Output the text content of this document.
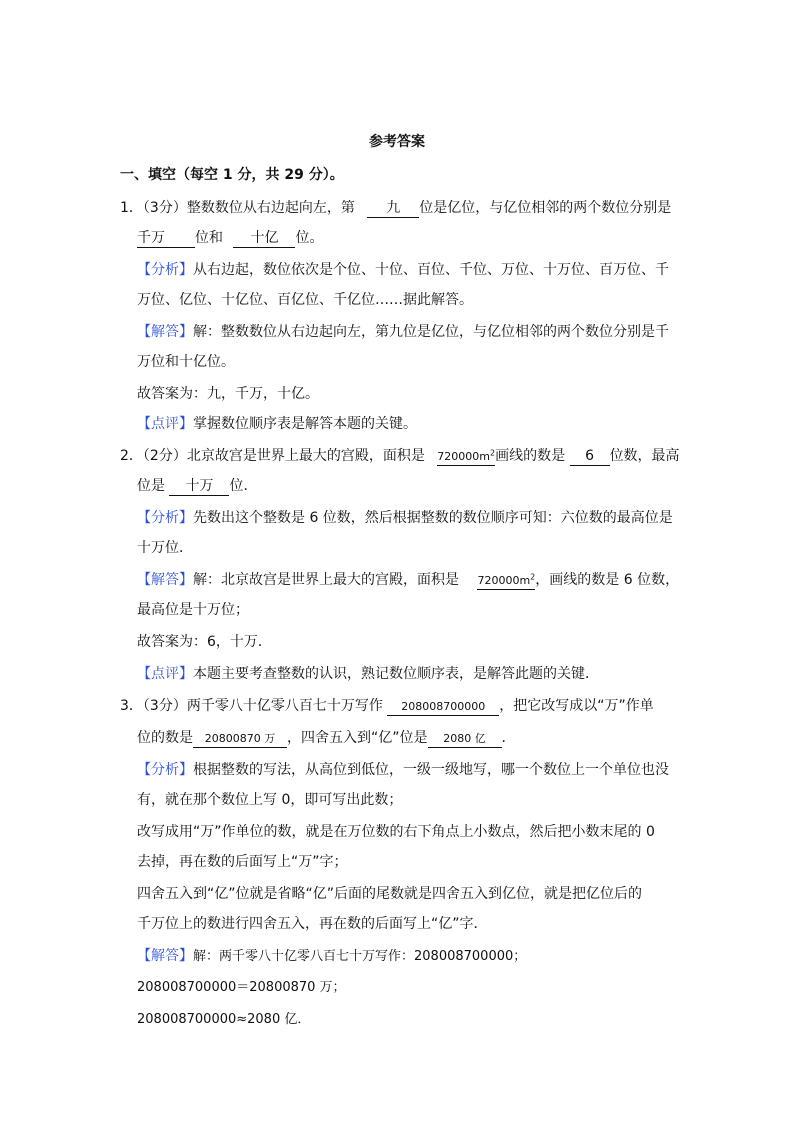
参考答案
一、填空（每空 1 分，共 29 分）。
1．（3分）整数数位从右边起向左，第 九 位是亿位，与亿位相邻的两个数位分别是
千万 位和 十亿 位。
【分析】从右边起，数位依次是个位、十位、百位、千位、万位、十万位、百万位、千
万位、亿位、十亿位、百亿位、千亿位……据此解答。
【解答】解：整数数位从右边起向左，第九位是亿位，与亿位相邻的两个数位分别是千
万位和十亿位。
故答案为：九，千万，十亿。
【点评】掌握数位顺序表是解答本题的关键。
2．（2分）北京故宫是世界上最大的宫殿，面积是 $720000m^2$画线的数是 6 位数，最高
位是 十万 位．
【分析】先数出这个整数是 6 位数，然后根据整数的数位顺序可知：六位数的最高位是
十万位．
【解答】解：北京故宫是世界上最大的宫殿，面积是 $720000m^2$，画线的数是 6 位数，
最高位是十万位；
故答案为：6，十万．
【点评】本题主要考查整数的认识，熟记数位顺序表，是解答此题的关键．
3．（3分）两千零八十亿零八百七十万写作 208008700000 ，把它改写成以“万”作单
位的数是 20800870 万 ，四舍五入到“亿”位是 2080 亿 ．
【分析】根据整数的写法，从高位到低位，一级一级地写，哪一个数位上一个单位也没
有，就在那个数位上写 0，即可写出此数；
改写成用“万”作单位的数，就是在万位数的右下角点上小数点，然后把小数末尾的 0
去掉，再在数的后面写上“万”字；
四舍五入到“亿”位就是省略“亿”后面的尾数就是四舍五入到亿位，就是把亿位后的
千万位上的数进行四舍五入，再在数的后面写上“亿”字．
【解答】解：两千零八十亿零八百七十万写作：208008700000；
208008700000＝20800870 万；
208008700000≈2080 亿．
